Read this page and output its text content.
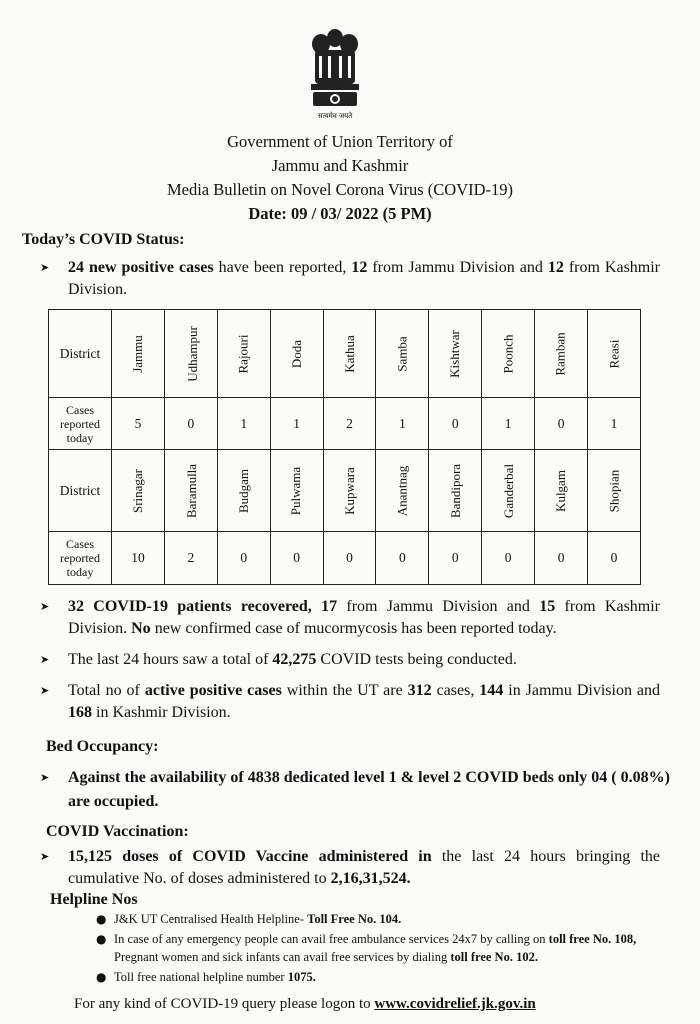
सत्यमेव जयते
Government of Union Territory of
Jammu and Kashmir
Media Bulletin on Novel Corona Virus (COVID-19)
Date: 09 / 03/ 2022 (5 PM)
Today’s COVID Status:
➤	24 new positive cases have been reported, 12 from Jammu Division and 12 from Kashmir Division.
District	Jammu	Udhampur	Rajouri	Doda	Kathua	Samba	Kishtwar	Poonch	Ramban	Reasi
Cases reported today	5	0	1	1	2	1	0	1	0	1
District	Srinagar	Baramulla	Budgam	Pulwama	Kupwara	Anantnag	Bandipora	Ganderbal	Kulgam	Shopian
Cases reported today	10	2	0	0	0	0	0	0	0	0
➤	32 COVID-19 patients recovered, 17 from Jammu Division and 15 from Kashmir Division. No new confirmed case of mucormycosis has been reported today.
➤	The last 24 hours saw a total of 42,275 COVID tests being conducted.
➤	Total no of active positive cases within the UT are 312 cases, 144 in Jammu Division and 168 in Kashmir Division.
Bed Occupancy:
➤	Against the availability of 4838 dedicated level 1 & level 2 COVID beds only 04 ( 0.08%) are occupied.
COVID Vaccination:
➤	15,125 doses of COVID Vaccine administered in the last 24 hours bringing the cumulative No. of doses administered to 2,16,31,524.
Helpline Nos
● J&K UT Centralised Health Helpline- Toll Free No. 104.
● In case of any emergency people can avail free ambulance services 24x7 by calling on toll free No. 108, Pregnant women and sick infants can avail free services by dialing toll free No. 102.
● Toll free national helpline number 1075.
For any kind of COVID-19 query please logon to www.covidrelief.jk.gov.in
